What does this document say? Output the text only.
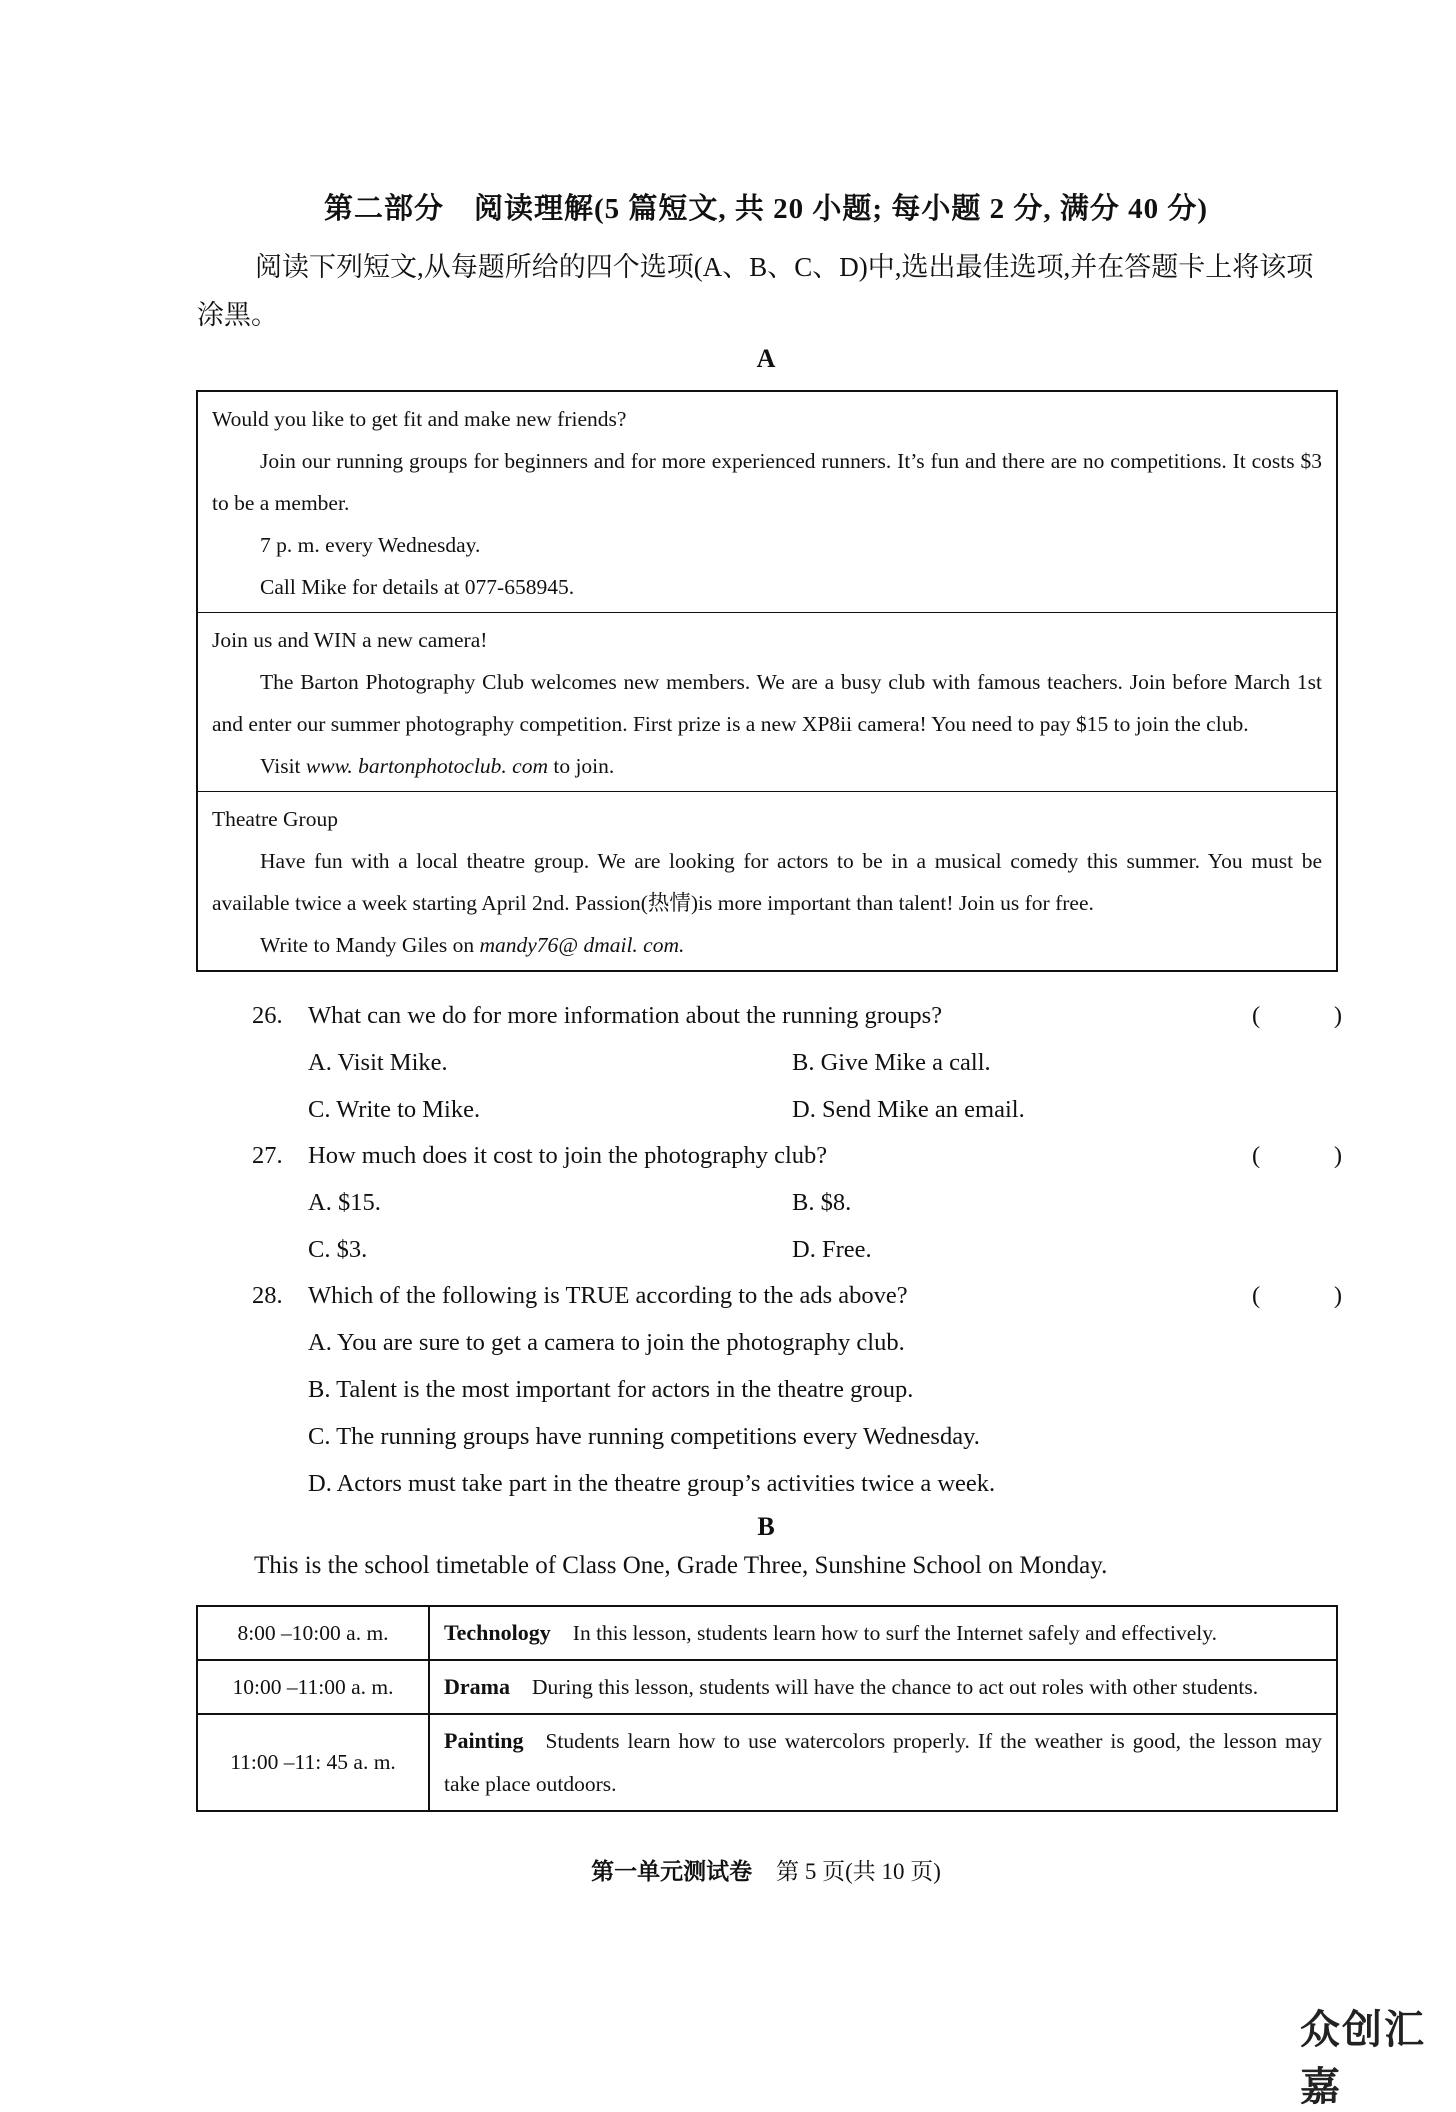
第二部分　阅读理解(5 篇短文, 共 20 小题; 每小题 2 分, 满分 40 分)
阅读下列短文,从每题所给的四个选项(A、B、C、D)中,选出最佳选项,并在答题卡上将该项涂黑。
A
Would you like to get fit and make new friends?
Join our running groups for beginners and for more experienced runners. It’s fun and there are no competitions. It costs $3 to be a member.
7 p. m. every Wednesday.
Call Mike for details at 077-658945.
Join us and WIN a new camera!
The Barton Photography Club welcomes new members. We are a busy club with famous teachers. Join before March 1st and enter our summer photography competition. First prize is a new XP8ii camera! You need to pay $15 to join the club.
Visit www. bartonphotoclub. com to join.
Theatre Group
Have fun with a local theatre group. We are looking for actors to be in a musical comedy this summer. You must be available twice a week starting April 2nd. Passion(热情)is more important than talent! Join us for free.
Write to Mandy Giles on mandy76@ dmail. com.
26. What can we do for more information about the running groups?	(	)
A. Visit Mike.	B. Give Mike a call.
C. Write to Mike.	D. Send Mike an email.
27. How much does it cost to join the photography club?	(	)
A. $15.	B. $8.
C. $3.	D. Free.
28. Which of the following is TRUE according to the ads above?	(	)
A. You are sure to get a camera to join the photography club.
B. Talent is the most important for actors in the theatre group.
C. The running groups have running competitions every Wednesday.
D. Actors must take part in the theatre group’s activities twice a week.
B
This is the school timetable of Class One, Grade Three, Sunshine School on Monday.
8:00 –10:00 a. m.	Technology In this lesson, students learn how to surf the Internet safely and effectively.
10:00 –11:00 a. m.	Drama During this lesson, students will have the chance to act out roles with other students.
11:00 –11: 45 a. m.	Painting Students learn how to use watercolors properly. If the weather is good, the lesson may take place outdoors.
第一单元测试卷 第 5 页(共 10 页)
众创汇嘉
